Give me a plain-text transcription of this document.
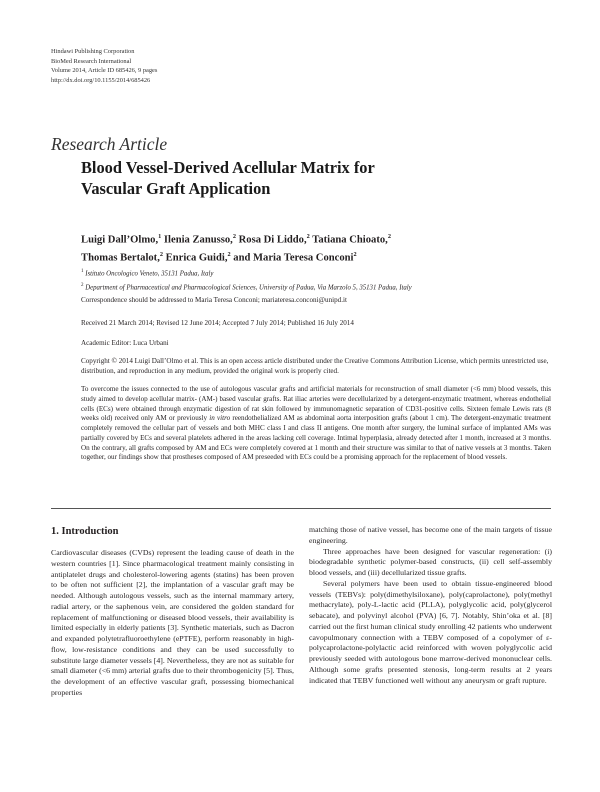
Hindawi Publishing Corporation
BioMed Research International
Volume 2014, Article ID 685426, 9 pages
http://dx.doi.org/10.1155/2014/685426
Research Article
Blood Vessel-Derived Acellular Matrix for
Vascular Graft Application
Luigi Dall’Olmo,$^1$ Ilenia Zanusso,$^2$ Rosa Di Liddo,$^2$ Tatiana Chioato,$^2$
Thomas Bertalot,$^2$ Enrica Guidi,$^2$ and Maria Teresa Conconi$^2$
$^1$ Istituto Oncologico Veneto, 35131 Padua, Italy
$^2$ Department of Pharmaceutical and Pharmacological Sciences, University of Padua, Via Marzolo 5, 35131 Padua, Italy
Correspondence should be addressed to Maria Teresa Conconi; mariateresa.conconi@unipd.it
Received 21 March 2014; Revised 12 June 2014; Accepted 7 July 2014; Published 16 July 2014
Academic Editor: Luca Urbani
Copyright © 2014 Luigi Dall’Olmo et al. This is an open access article distributed under the Creative Commons Attribution License, which permits unrestricted use, distribution, and reproduction in any medium, provided the original work is properly cited.
To overcome the issues connected to the use of autologous vascular grafts and artificial materials for reconstruction of small diameter (<6 mm) blood vessels, this study aimed to develop acellular matrix- (AM-) based vascular grafts. Rat iliac arteries were decellularized by a detergent-enzymatic treatment, whereas endothelial cells (ECs) were obtained through enzymatic digestion of rat skin followed by immunomagnetic separation of CD31-positive cells. Sixteen female Lewis rats (8 weeks old) received only AM or previously in vitro reendothelialized AM as abdominal aorta interposition grafts (about 1 cm). The detergent-enzymatic treatment completely removed the cellular part of vessels and both MHC class I and class II antigens. One month after surgery, the luminal surface of implanted AMs was partially covered by ECs and several platelets adhered in the areas lacking cell coverage. Intimal hyperplasia, already detected after 1 month, increased at 3 months. On the contrary, all grafts composed by AM and ECs were completely covered at 1 month and their structure was similar to that of native vessels at 3 months. Taken together, our findings show that prostheses composed of AM preseeded with ECs could be a promising approach for the replacement of blood vessels.
1. Introduction

Cardiovascular diseases (CVDs) represent the leading cause of death in the western countries [1]. Since pharmacological treatment mainly consisting in antiplatelet drugs and cholesterol-lowering agents (statins) has been proven to be often not sufficient [2], the implantation of a vascular graft may be needed. Although autologous vessels, such as the internal mammary artery, radial artery, or the saphenous vein, are considered the golden standard for replacement of malfunctioning or diseased blood vessels, their availability is limited especially in elderly patients [3]. Synthetic materials, such as Dacron and expanded polytetrafluoroethylene (ePTFE), perform reasonably in high-flow, low-resistance conditions and they can be used successfully to substitute large diameter vessels [4]. Nevertheless, they are not as suitable for small diameter (<6 mm) arterial grafts due to their thrombogenicity [5]. Thus, the development of an effective vascular graft, possessing biomechanical properties

matching those of native vessel, has become one of the main targets of tissue engineering.

Three approaches have been designed for vascular regeneration: (i) biodegradable synthetic polymer-based constructs, (ii) cell self-assembly blood vessels, and (iii) decellularized tissue grafts.

Several polymers have been used to obtain tissue-engineered blood vessels (TEBVs): poly(dimethylsiloxane), poly(caprolactone), poly(methyl methacrylate), poly-L-lactic acid (PLLA), polyglycolic acid, poly(glycerol sebacate), and polyvinyl alcohol (PVA) [6, 7]. Notably, Shin’oka et al. [8] carried out the first human clinical study enrolling 42 patients who underwent cavopulmonary connection with a TEBV composed of a copolymer of ε-polycaprolactone-polylactic acid reinforced with woven polyglycolic acid previously seeded with autologous bone marrow-derived mononuclear cells. Although some grafts presented stenosis, long-term results at 2 years indicated that TEBV functioned well without any aneurysm or graft rupture.
